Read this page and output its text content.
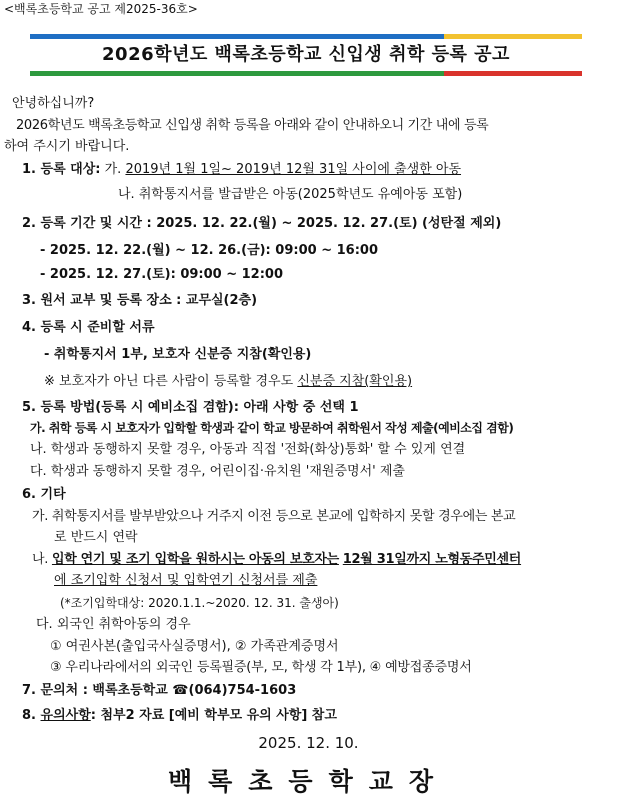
<백록초등학교 공고 제2025-36호>
2026학년도 백록초등학교 신입생 취학 등록 공고
안녕하십니까?
2026학년도 백록초등학교 신입생 취학 등록을 아래와 같이 안내하오니 기간 내에 등록
하여 주시기 바랍니다.
1. 등록 대상: 가. 2019년 1월 1일~ 2019년 12월 31일 사이에 출생한 아동
나. 취학통지서를 발급받은 아동(2025학년도 유예아동 포함)
2. 등록 기간 및 시간 : 2025. 12. 22.(월) ~ 2025. 12. 27.(토) (성탄절 제외)
- 2025. 12. 22.(월) ~ 12. 26.(금): 09:00 ~ 16:00
- 2025. 12. 27.(토): 09:00 ~ 12:00
3. 원서 교부 및 등록 장소 : 교무실(2층)
4. 등록 시 준비할 서류
- 취학통지서 1부, 보호자 신분증 지참(확인용)
※ 보호자가 아닌 다른 사람이 등록할 경우도 신분증 지참(확인용)
5. 등록 방법(등록 시 예비소집 겸함): 아래 사항 중 선택 1
가. 취학 등록 시 보호자가 입학할 학생과 같이 학교 방문하여 취학원서 작성 제출(예비소집 겸함)
나. 학생과 동행하지 못할 경우, 아동과 직접 '전화(화상)통화' 할 수 있게 연결
다. 학생과 동행하지 못할 경우, 어린이집·유치원 '재원증명서' 제출
6. 기타
가. 취학통지서를 발부받았으나 거주지 이전 등으로 본교에 입학하지 못할 경우에는 본교
로 반드시 연락
나. 입학 연기 및 조기 입학을 원하시는 아동의 보호자는 12월 31일까지 노형동주민센터
에 조기입학 신청서 및 입학연기 신청서를 제출
(*조기입학대상: 2020.1.1.~2020. 12. 31. 출생아)
다. 외국인 취학아동의 경우
① 여권사본(출입국사실증명서), ② 가족관계증명서
③ 우리나라에서의 외국인 등록필증(부, 모, 학생 각 1부), ④ 예방접종증명서
7. 문의처 : 백록초등학교 ☎(064)754-1603
8. 유의사항: 첨부2 자료 [예비 학부모 유의 사항] 참고
2025. 12. 10.
백록초등학교장
